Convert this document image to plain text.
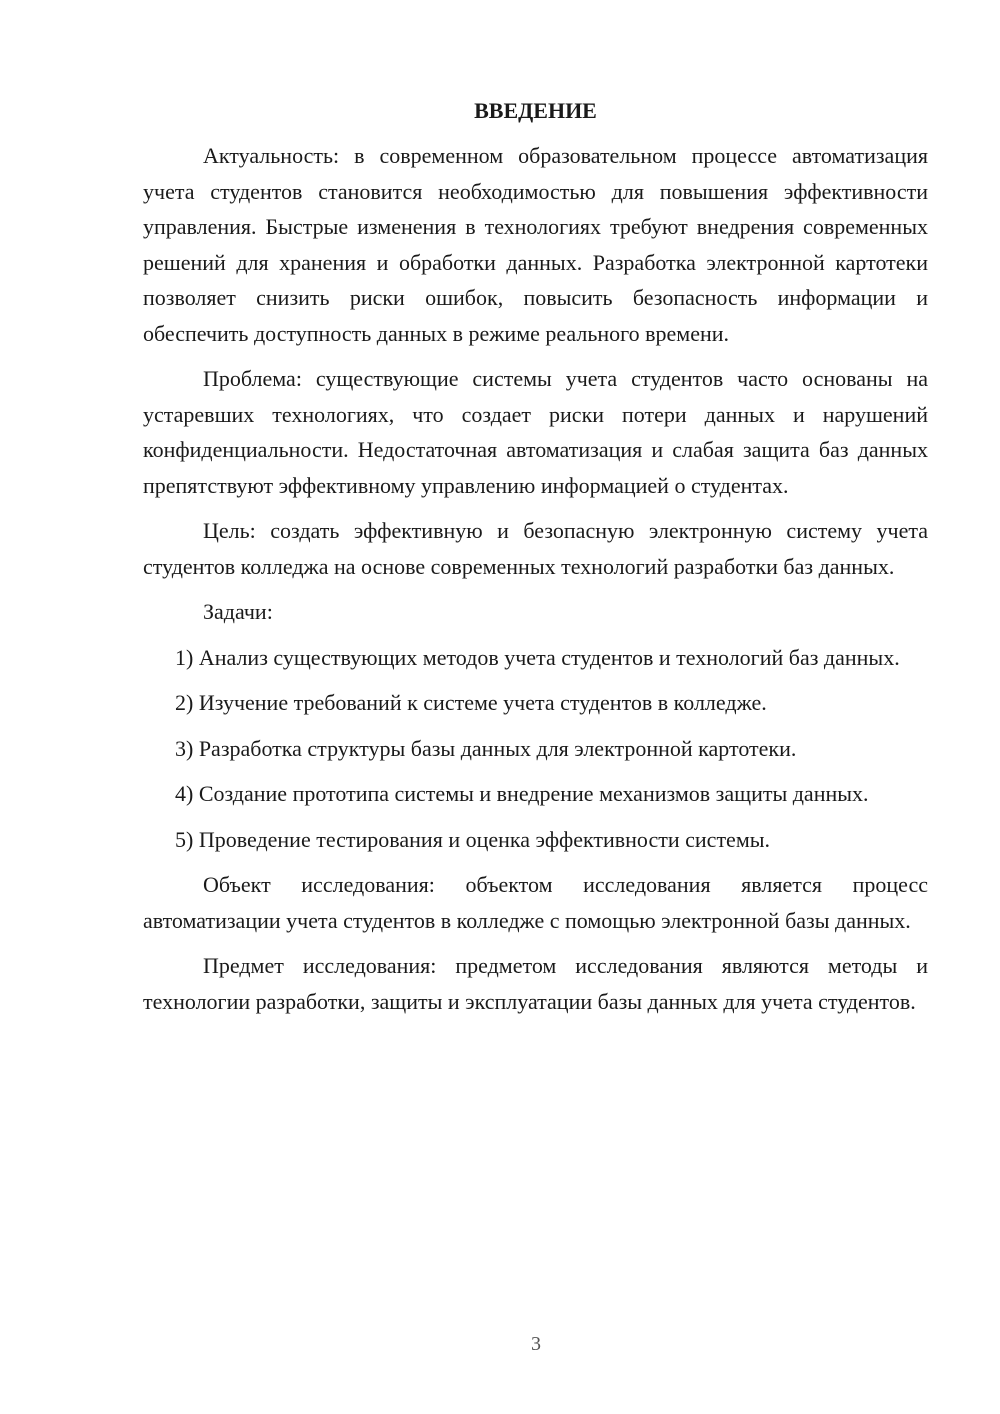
ВВЕДЕНИЕ

Актуальность: в современном образовательном процессе автоматизация учета студентов становится необходимостью для повышения эффективности управления. Быстрые изменения в технологиях требуют внедрения современных решений для хранения и обработки данных. Разработка электронной картотеки позволяет снизить риски ошибок, повысить безопасность информации и обеспечить доступность данных в режиме реального времени.

Проблема: существующие системы учета студентов часто основаны на устаревших технологиях, что создает риски потери данных и нарушений конфиденциальности. Недостаточная автоматизация и слабая защита баз данных препятствуют эффективному управлению информацией о студентах.

Цель: создать эффективную и безопасную электронную систему учета студентов колледжа на основе современных технологий разработки баз данных.

Задачи:

1) Анализ существующих методов учета студентов и технологий баз данных.

2) Изучение требований к системе учета студентов в колледже.

3) Разработка структуры базы данных для электронной картотеки.

4) Создание прототипа системы и внедрение механизмов защиты данных.

5) Проведение тестирования и оценка эффективности системы.

Объект исследования: объектом исследования является процесс автоматизации учета студентов в колледже с помощью электронной базы данных.

Предмет исследования: предметом исследования являются методы и технологии разработки, защиты и эксплуатации базы данных для учета студентов.

3
